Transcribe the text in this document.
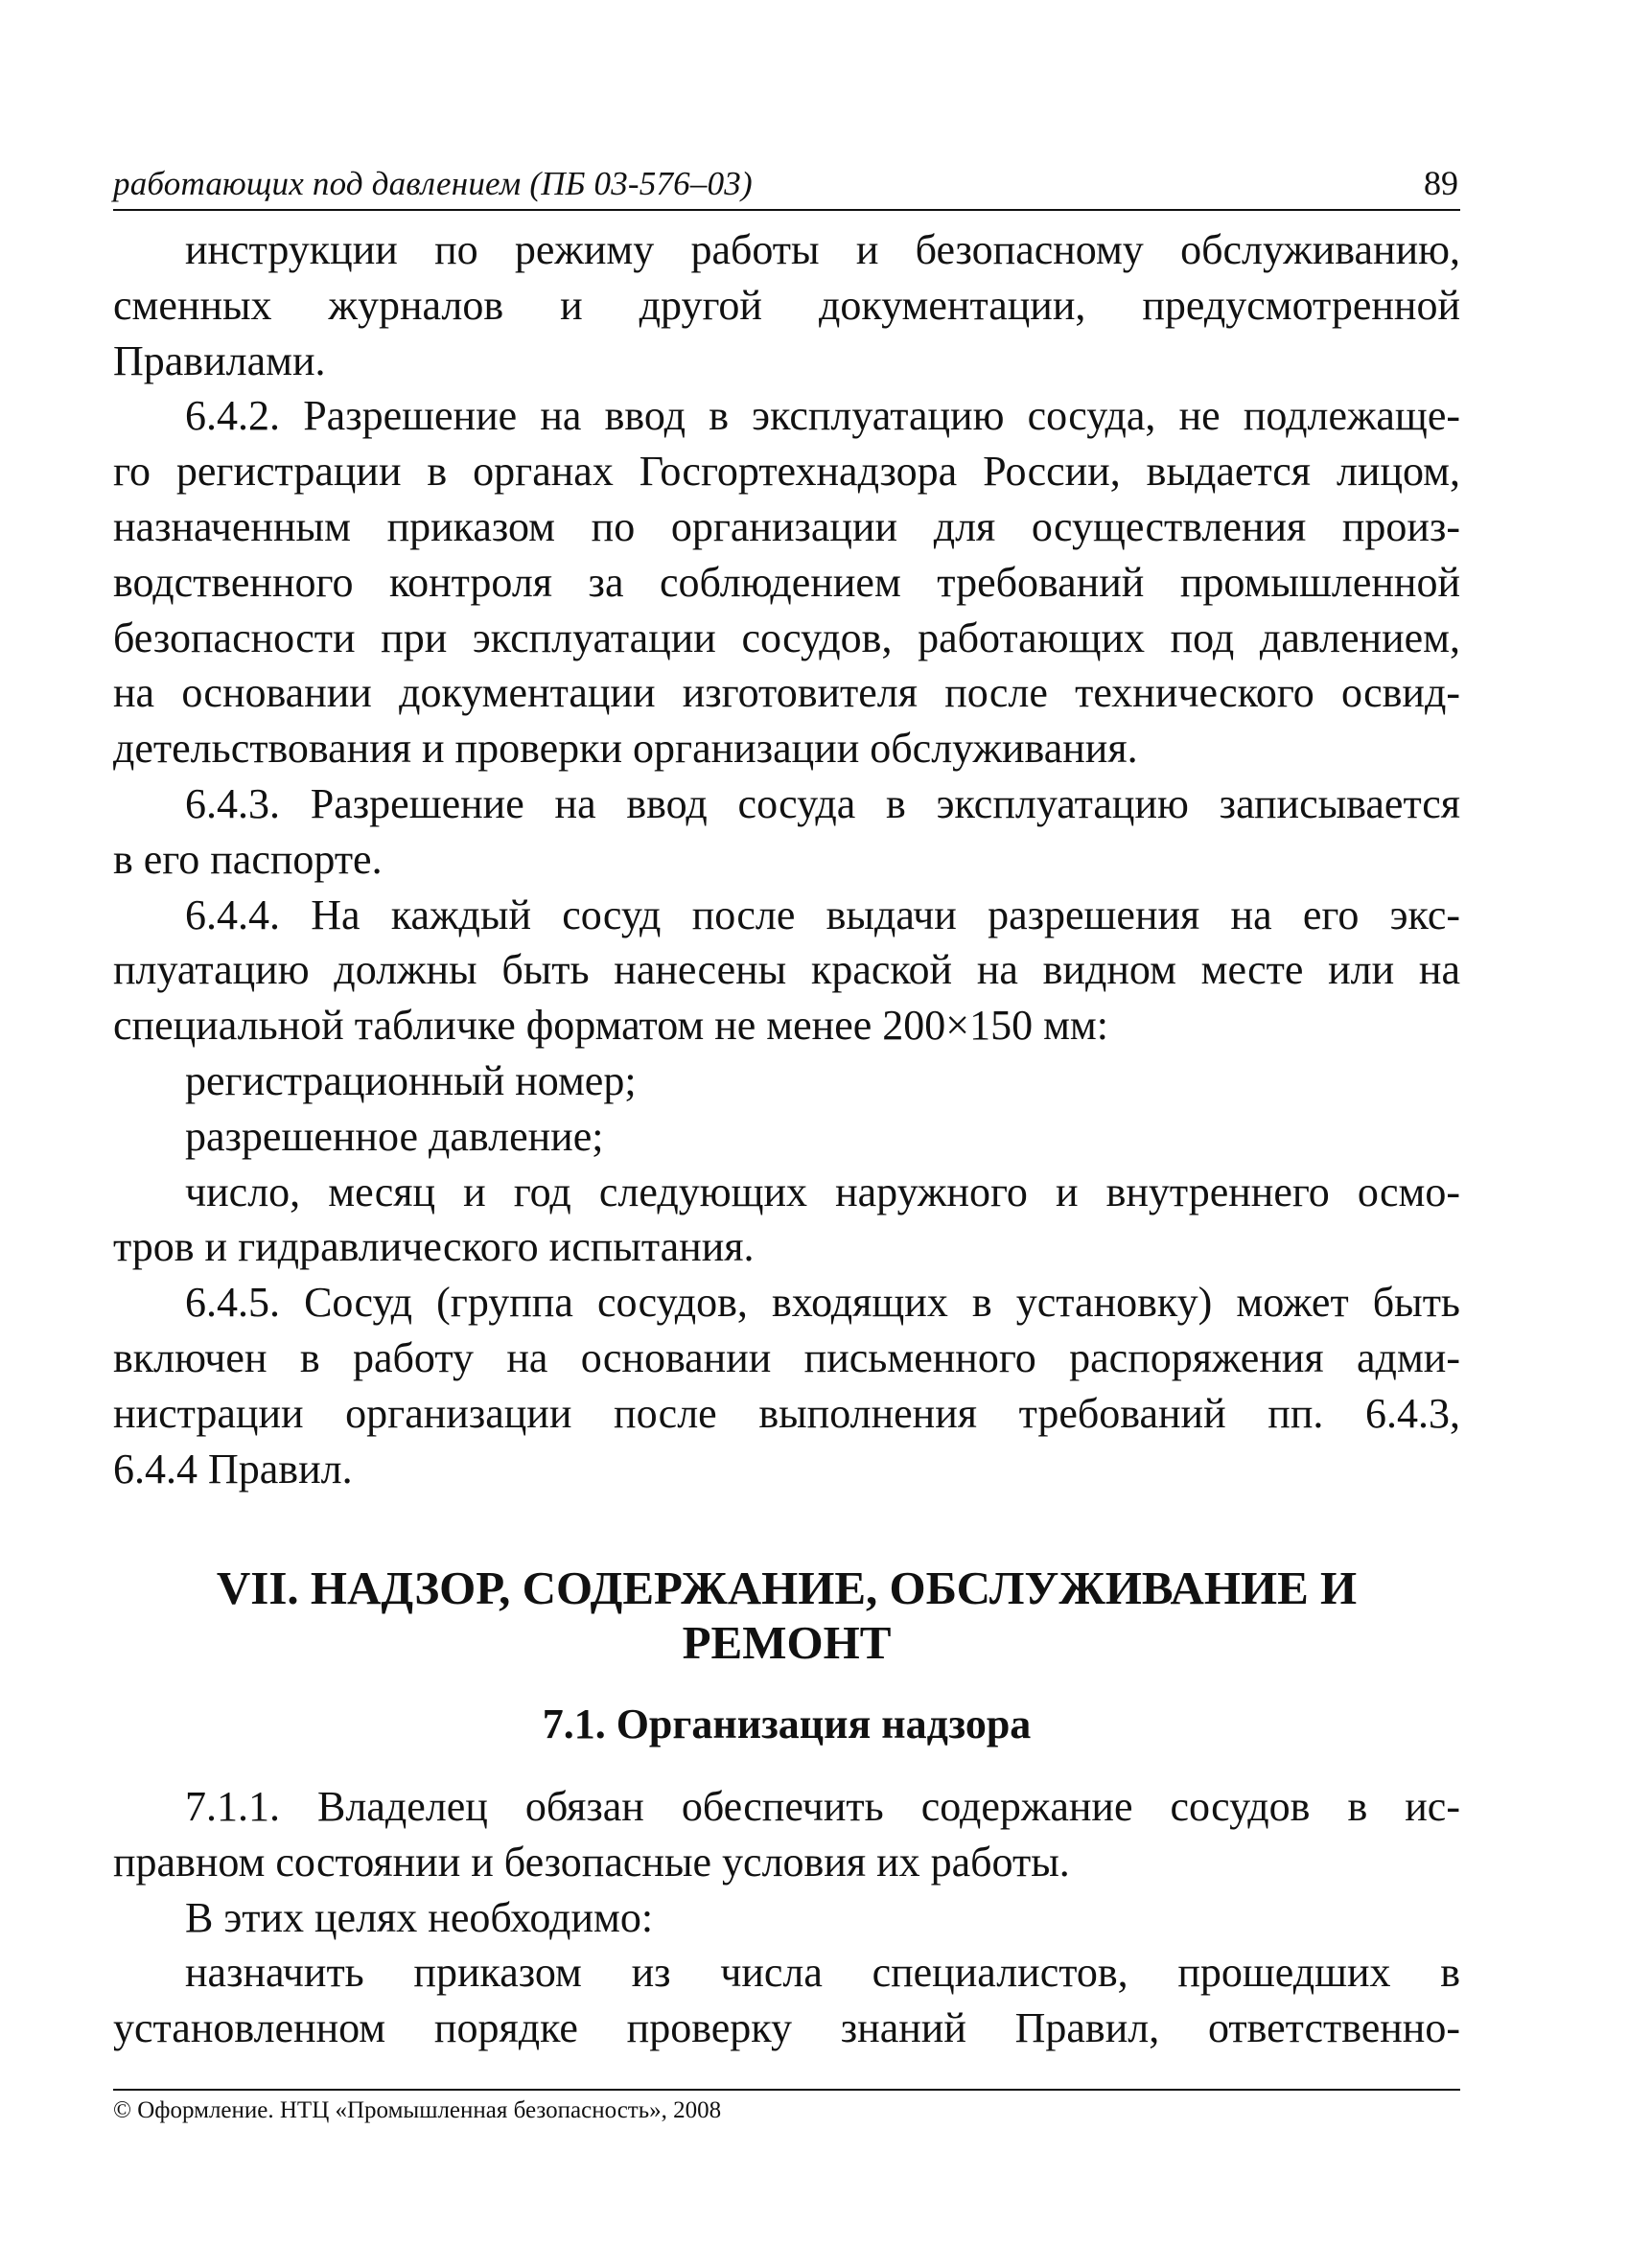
работающих под давлением (ПБ 03-576–03)	89
инструкции по режиму работы и безопасному обслуживанию,
сменных журналов и другой документации, предусмотренной
Правилами.
6.4.2. Разрешение на ввод в эксплуатацию сосуда, не подлежаще-
го регистрации в органах Госгортехнадзора России, выдается лицом,
назначенным приказом по организации для осуществления произ-
водственного контроля за соблюдением требований промышленной
безопасности при эксплуатации сосудов, работающих под давлением,
на основании документации изготовителя после технического освид-
детельствования и проверки организации обслуживания.
6.4.3. Разрешение на ввод сосуда в эксплуатацию записывается
в его паспорте.
6.4.4. На каждый сосуд после выдачи разрешения на его экс-
плуатацию должны быть нанесены краской на видном месте или на
специальной табличке форматом не менее 200×150 мм:
регистрационный номер;
разрешенное давление;
число, месяц и год следующих наружного и внутреннего осмо-
тров и гидравлического испытания.
6.4.5. Сосуд (группа сосудов, входящих в установку) может быть
включен в работу на основании письменного распоряжения адми-
нистрации организации после выполнения требований пп. 6.4.3,
6.4.4 Правил.
VII. НАДЗОР, СОДЕРЖАНИЕ, ОБСЛУЖИВАНИЕ И РЕМОНТ
7.1. Организация надзора
7.1.1. Владелец обязан обеспечить содержание сосудов в ис-
правном состоянии и безопасные условия их работы.
В этих целях необходимо:
назначить приказом из числа специалистов, прошедших в
установленном порядке проверку знаний Правил, ответственно-
© Оформление. НТЦ «Промышленная безопасность», 2008
